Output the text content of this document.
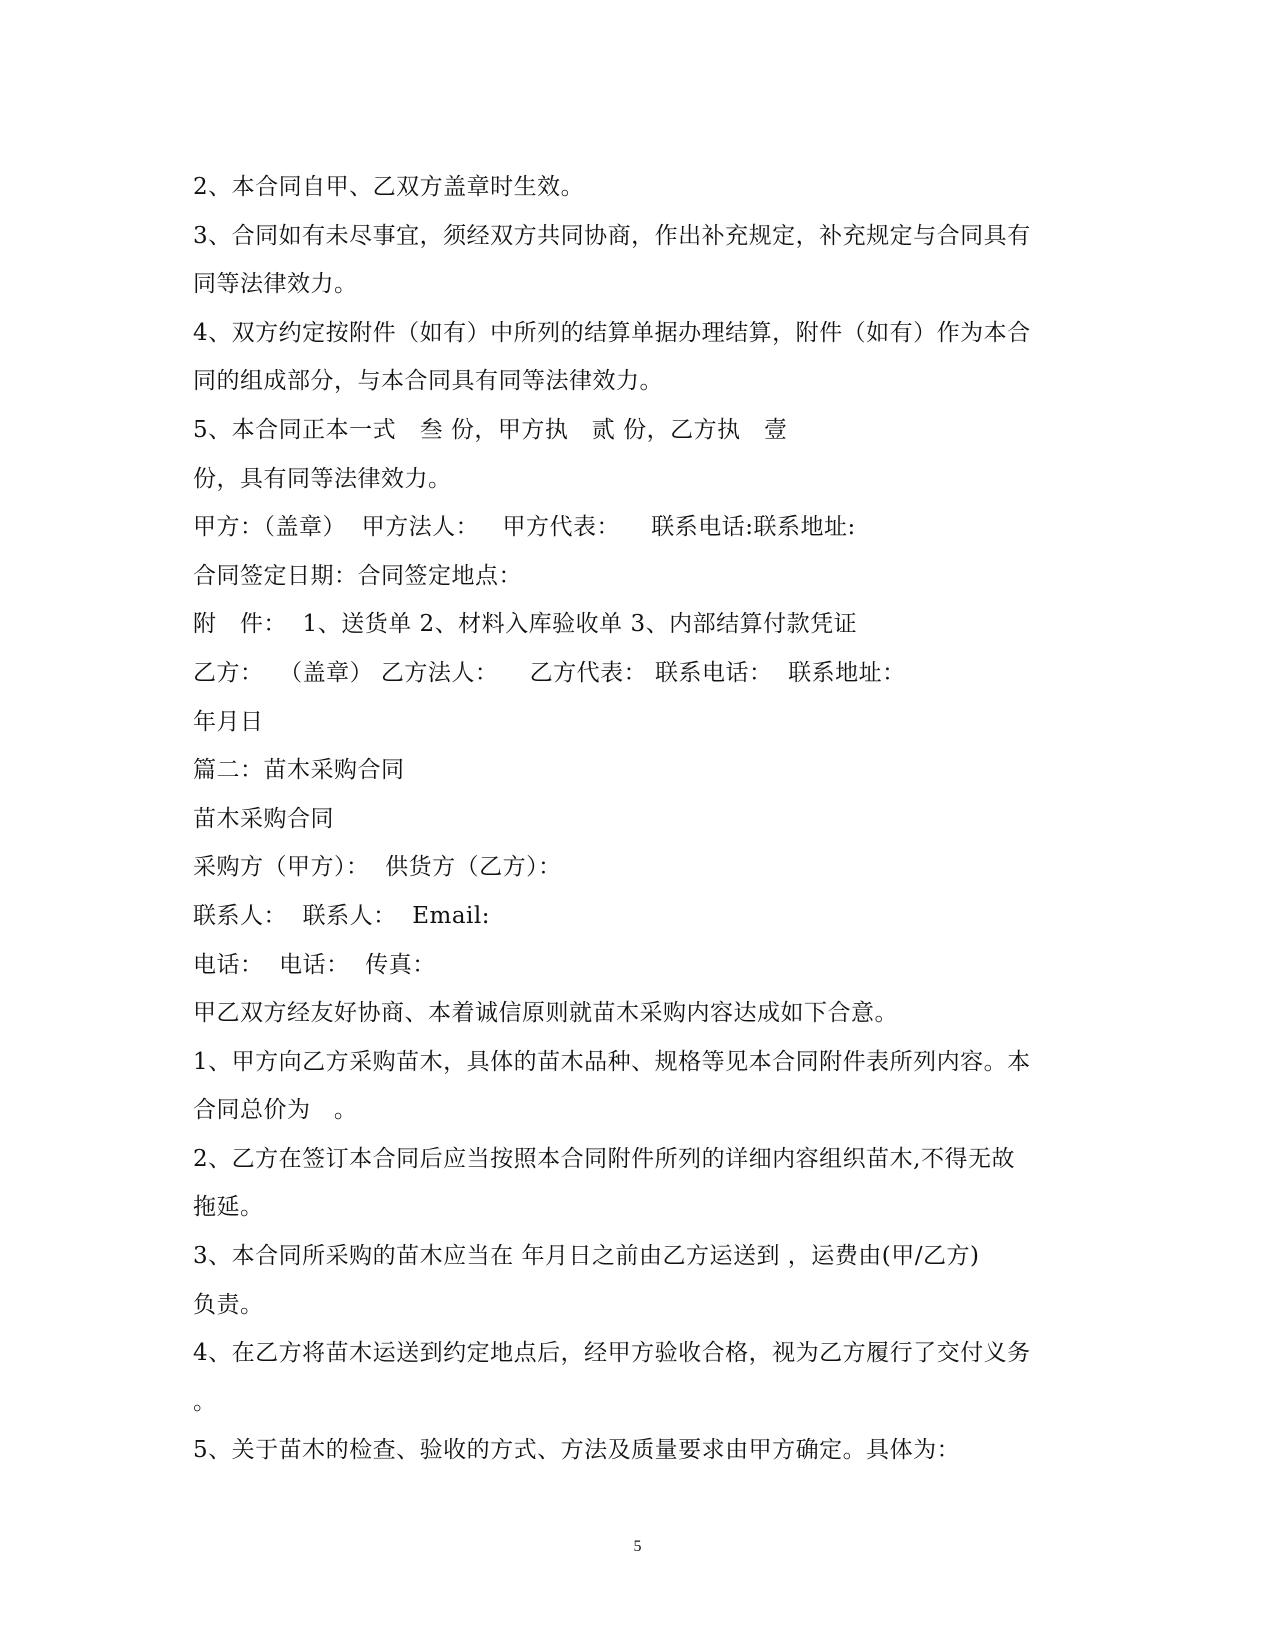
2、本合同自甲、乙双方盖章时生效。
3、合同如有未尽事宜，须经双方共同协商，作出补充规定，补充规定与合同具有
同等法律效力。
4、双方约定按附件（如有）中所列的结算单据办理结算，附件（如有）作为本合
同的组成部分，与本合同具有同等法律效力。
5、本合同正本一式   叁 份，甲方执   贰 份，乙方执   壹
份，具有同等法律效力。
甲方：（盖章）  甲方法人：   甲方代表：    联系电话:联系地址:
合同签定日期：合同签定地点：
附   件：  1、送货单 2、材料入库验收单 3、内部结算付款凭证
乙方：  （盖章） 乙方法人：    乙方代表： 联系电话：  联系地址：
年月日
篇二：苗木采购合同
苗木采购合同
采购方（甲方）：  供货方（乙方）：
联系人：  联系人：  Email:
电话：  电话：  传真：
甲乙双方经友好协商、本着诚信原则就苗木采购内容达成如下合意。
1、甲方向乙方采购苗木，具体的苗木品种、规格等见本合同附件表所列内容。本
合同总价为   。
2、乙方在签订本合同后应当按照本合同附件所列的详细内容组织苗木,不得无故
拖延。
3、本合同所采购的苗木应当在 年月日之前由乙方运送到 ，运费由(甲/乙方)
负责。
4、在乙方将苗木运送到约定地点后，经甲方验收合格，视为乙方履行了交付义务
。
5、关于苗木的检查、验收的方式、方法及质量要求由甲方确定。具体为：
5
